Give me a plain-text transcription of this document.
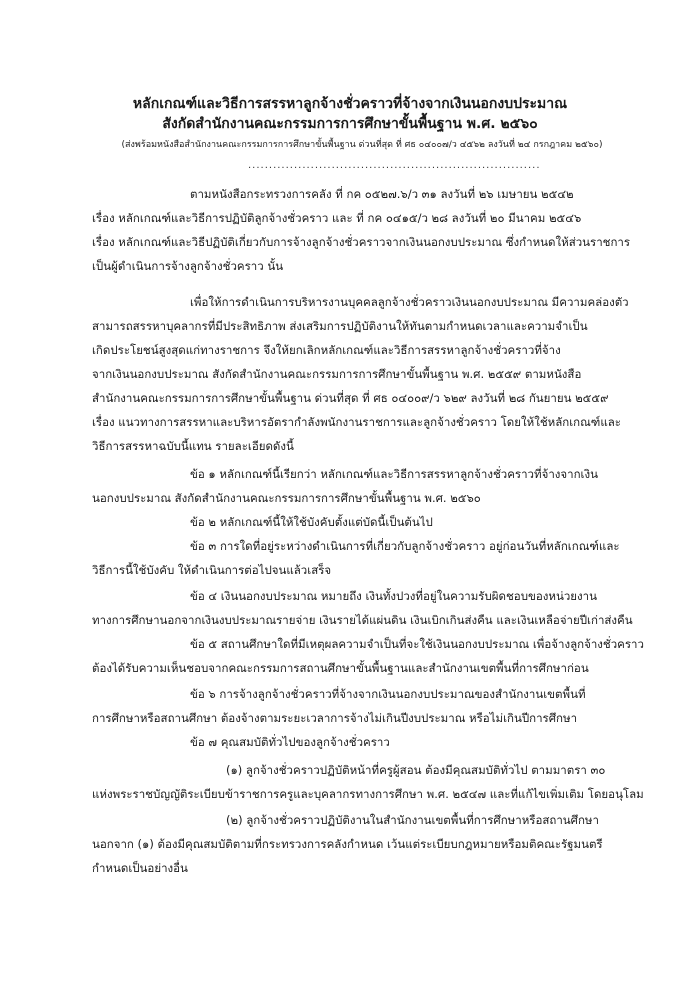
หลักเกณฑ์และวิธีการสรรหาลูกจ้างชั่วคราวที่จ้างจากเงินนอกงบประมาณ
สังกัดสำนักงานคณะกรรมการการศึกษาขั้นพื้นฐาน พ.ศ. ๒๕๖๐
(ส่งพร้อมหนังสือสำนักงานคณะกรรมการการศึกษาขั้นพื้นฐาน ด่วนที่สุด ที่ ศธ ๐๔๐๐๗/ว ๔๕๖๒ ลงวันที่ ๒๔ กรกฎาคม ๒๕๖๐)
......................................................................
ตามหนังสือกระทรวงการคลัง ที่ กค ๐๕๒๗.๖/ว ๓๑ ลงวันที่ ๒๖ เมษายน ๒๕๔๒
เรื่อง หลักเกณฑ์และวิธีการปฏิบัติลูกจ้างชั่วคราว และ ที่ กค ๐๔๑๕/ว ๒๘ ลงวันที่ ๒๐ มีนาคม ๒๕๔๖
เรื่อง หลักเกณฑ์และวิธีปฏิบัติเกี่ยวกับการจ้างลูกจ้างชั่วคราวจากเงินนอกงบประมาณ ซึ่งกำหนดให้ส่วนราชการ
เป็นผู้ดำเนินการจ้างลูกจ้างชั่วคราว นั้น
เพื่อให้การดำเนินการบริหารงานบุคคลลูกจ้างชั่วคราวเงินนอกงบประมาณ มีความคล่องตัว
สามารถสรรหาบุคลากรที่มีประสิทธิภาพ ส่งเสริมการปฏิบัติงานให้ทันตามกำหนดเวลาและความจำเป็น
เกิดประโยชน์สูงสุดแก่ทางราชการ จึงให้ยกเลิกหลักเกณฑ์และวิธีการสรรหาลูกจ้างชั่วคราวที่จ้าง
จากเงินนอกงบประมาณ สังกัดสำนักงานคณะกรรมการการศึกษาขั้นพื้นฐาน พ.ศ. ๒๕๕๙ ตามหนังสือ
สำนักงานคณะกรรมการการศึกษาขั้นพื้นฐาน ด่วนที่สุด ที่ ศธ ๐๔๐๐๙/ว ๖๒๙ ลงวันที่ ๒๘ กันยายน ๒๕๕๙
เรื่อง แนวทางการสรรหาและบริหารอัตรากำลังพนักงานราชการและลูกจ้างชั่วคราว โดยให้ใช้หลักเกณฑ์และ
วิธีการสรรหาฉบับนี้แทน รายละเอียดดังนี้
ข้อ ๑ หลักเกณฑ์นี้เรียกว่า หลักเกณฑ์และวิธีการสรรหาลูกจ้างชั่วคราวที่จ้างจากเงิน
นอกงบประมาณ สังกัดสำนักงานคณะกรรมการการศึกษาขั้นพื้นฐาน พ.ศ. ๒๕๖๐
ข้อ ๒ หลักเกณฑ์นี้ให้ใช้บังคับตั้งแต่บัดนี้เป็นต้นไป
ข้อ ๓ การใดที่อยู่ระหว่างดำเนินการที่เกี่ยวกับลูกจ้างชั่วคราว อยู่ก่อนวันที่หลักเกณฑ์และ
วิธีการนี้ใช้บังคับ ให้ดำเนินการต่อไปจนแล้วเสร็จ
ข้อ ๔ เงินนอกงบประมาณ หมายถึง เงินทั้งปวงที่อยู่ในความรับผิดชอบของหน่วยงาน
ทางการศึกษานอกจากเงินงบประมาณรายจ่าย เงินรายได้แผ่นดิน เงินเบิกเกินส่งคืน และเงินเหลือจ่ายปีเก่าส่งคืน
ข้อ ๕ สถานศึกษาใดที่มีเหตุผลความจำเป็นที่จะใช้เงินนอกงบประมาณ เพื่อจ้างลูกจ้างชั่วคราว
ต้องได้รับความเห็นชอบจากคณะกรรมการสถานศึกษาขั้นพื้นฐานและสำนักงานเขตพื้นที่การศึกษาก่อน
ข้อ ๖ การจ้างลูกจ้างชั่วคราวที่จ้างจากเงินนอกงบประมาณของสำนักงานเขตพื้นที่
การศึกษาหรือสถานศึกษา ต้องจ้างตามระยะเวลาการจ้างไม่เกินปีงบประมาณ หรือไม่เกินปีการศึกษา
ข้อ ๗ คุณสมบัติทั่วไปของลูกจ้างชั่วคราว
(๑) ลูกจ้างชั่วคราวปฏิบัติหน้าที่ครูผู้สอน ต้องมีคุณสมบัติทั่วไป ตามมาตรา ๓๐
แห่งพระราชบัญญัติระเบียบข้าราชการครูและบุคลากรทางการศึกษา พ.ศ. ๒๕๔๗ และที่แก้ไขเพิ่มเติม โดยอนุโลม
(๒) ลูกจ้างชั่วคราวปฏิบัติงานในสำนักงานเขตพื้นที่การศึกษาหรือสถานศึกษา
นอกจาก (๑) ต้องมีคุณสมบัติตามที่กระทรวงการคลังกำหนด เว้นแต่ระเบียบกฎหมายหรือมติคณะรัฐมนตรี
กำหนดเป็นอย่างอื่น
